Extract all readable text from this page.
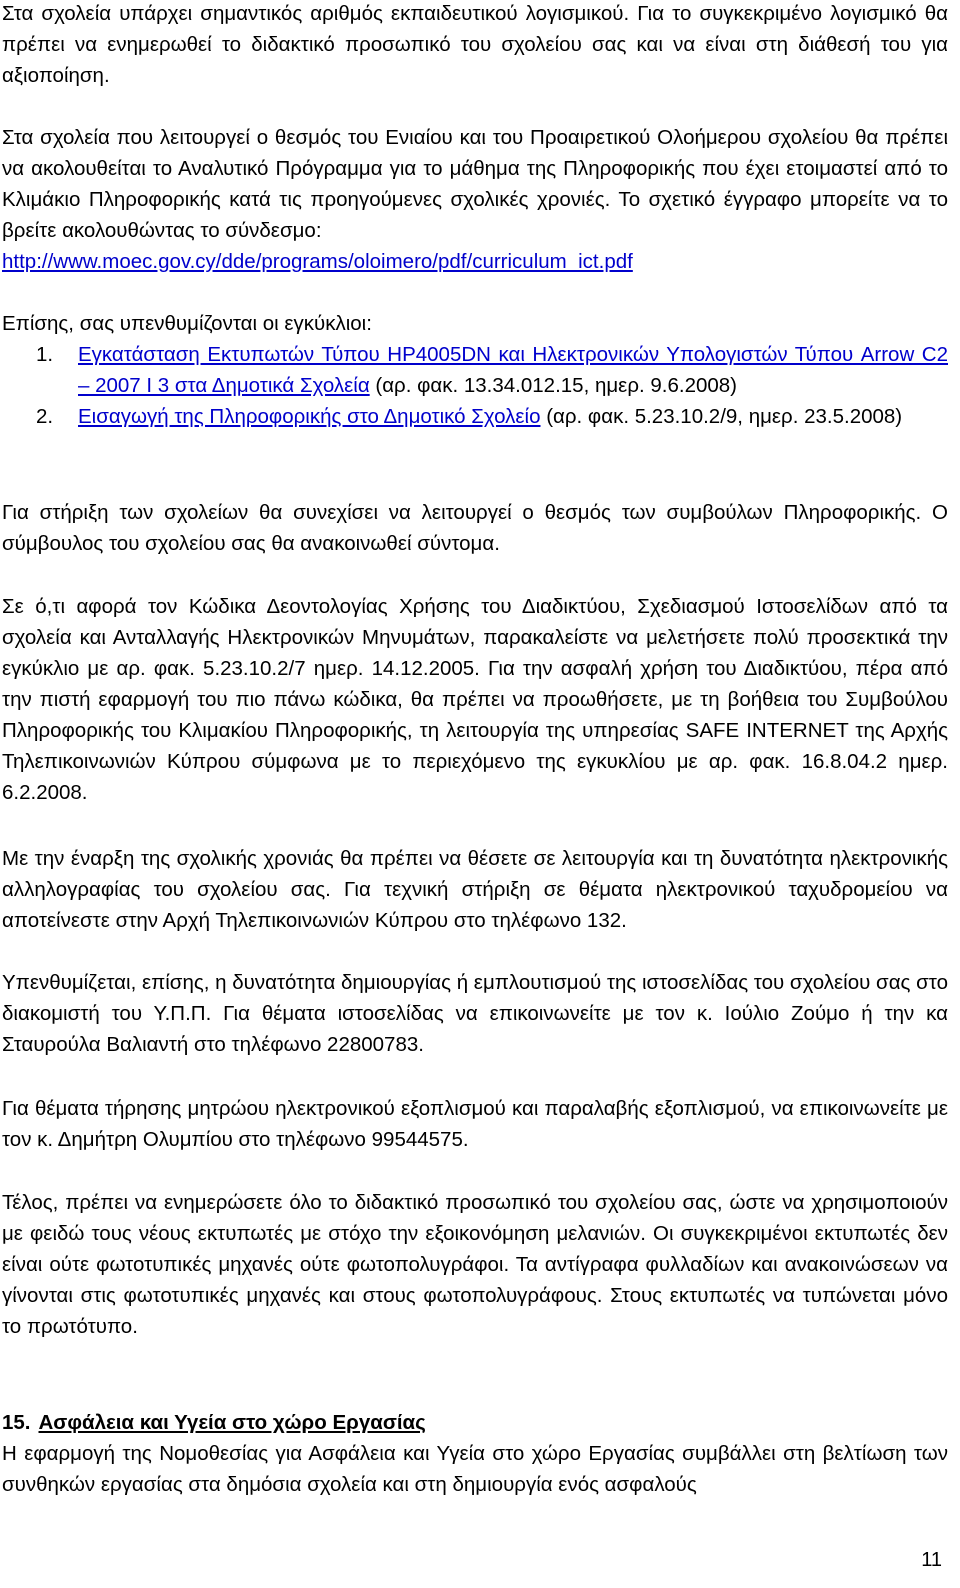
Στα σχολεία υπάρχει σημαντικός αριθμός εκπαιδευτικού λογισμικού. Για το συγκεκριμένο λογισμικό θα πρέπει να ενημερωθεί το διδακτικό προσωπικό του σχολείου σας και να είναι στη διάθεσή του για αξιοποίηση.

Στα σχολεία που λειτουργεί ο θεσμός του Ενιαίου και του Προαιρετικού Ολοήμερου σχολείου θα πρέπει να ακολουθείται το Αναλυτικό Πρόγραμμα για το μάθημα της Πληροφορικής που έχει ετοιμαστεί από το Κλιμάκιο Πληροφορικής κατά τις προηγούμενες σχολικές χρονιές. Το σχετικό έγγραφο μπορείτε να το βρείτε ακολουθώντας το σύνδεσμο:
http://www.moec.gov.cy/dde/programs/oloimero/pdf/curriculum_ict.pdf

Επίσης, σας υπενθυμίζονται οι εγκύκλιοι:

1. Εγκατάσταση Εκτυπωτών Τύπου HP4005DN και Ηλεκτρονικών Υπολογιστών Τύπου Arrow C2 – 2007 Ι 3 στα Δημοτικά Σχολεία (αρ. φακ. 13.34.012.15, ημερ. 9.6.2008)
2. Εισαγωγή της Πληροφορικής στο Δημοτικό Σχολείο (αρ. φακ. 5.23.10.2/9, ημερ. 23.5.2008)

Για στήριξη των σχολείων θα συνεχίσει να λειτουργεί ο θεσμός των συμβούλων Πληροφορικής. Ο σύμβουλος του σχολείου σας θα ανακοινωθεί σύντομα.

Σε ό,τι αφορά τον Κώδικα Δεοντολογίας Χρήσης του Διαδικτύου, Σχεδιασμού Ιστοσελίδων από τα σχολεία και Ανταλλαγής Ηλεκτρονικών Μηνυμάτων, παρακαλείστε να μελετήσετε πολύ προσεκτικά την εγκύκλιο με αρ. φακ. 5.23.10.2/7 ημερ. 14.12.2005. Για την ασφαλή χρήση του Διαδικτύου, πέρα από την πιστή εφαρμογή του πιο πάνω κώδικα, θα πρέπει να προωθήσετε, με τη βοήθεια του Συμβούλου Πληροφορικής του Κλιμακίου Πληροφορικής, τη λειτουργία της υπηρεσίας SAFE INTERNET της Αρχής Τηλεπικοινωνιών Κύπρου σύμφωνα με το περιεχόμενο της εγκυκλίου με αρ. φακ. 16.8.04.2 ημερ. 6.2.2008.

Με την έναρξη της σχολικής χρονιάς θα πρέπει να θέσετε σε λειτουργία και τη δυνατότητα ηλεκτρονικής αλληλογραφίας του σχολείου σας. Για τεχνική στήριξη σε θέματα ηλεκτρονικού ταχυδρομείου να αποτείνεστε στην Αρχή Τηλεπικοινωνιών Κύπρου στο τηλέφωνο 132.

Υπενθυμίζεται, επίσης, η δυνατότητα δημιουργίας ή εμπλουτισμού της ιστοσελίδας του σχολείου σας στο διακομιστή του Υ.Π.Π. Για θέματα ιστοσελίδας να επικοινωνείτε με τον κ. Ιούλιο Ζούμο ή την κα Σταυρούλα Βαλιαντή στο τηλέφωνο 22800783.

Για θέματα τήρησης μητρώου ηλεκτρονικού εξοπλισμού και παραλαβής εξοπλισμού, να επικοινωνείτε με τον κ. Δημήτρη Ολυμπίου στο τηλέφωνο 99544575.

Τέλος, πρέπει να ενημερώσετε όλο το διδακτικό προσωπικό του σχολείου σας, ώστε να χρησιμοποιούν με φειδώ τους νέους εκτυπωτές με στόχο την εξοικονόμηση μελανιών. Οι συγκεκριμένοι εκτυπωτές δεν είναι ούτε φωτοτυπικές μηχανές ούτε φωτοπολυγράφοι. Τα αντίγραφα φυλλαδίων και ανακοινώσεων να γίνονται στις φωτοτυπικές μηχανές και στους φωτοπολυγράφους. Στους εκτυπωτές να τυπώνεται μόνο το πρωτότυπο.

15. Ασφάλεια και Υγεία στο χώρο Εργασίας

Η εφαρμογή της Νομοθεσίας για Ασφάλεια και Υγεία στο χώρο Εργασίας συμβάλλει στη βελτίωση των συνθηκών εργασίας στα δημόσια σχολεία και στη δημιουργία ενός ασφαλούς

11
